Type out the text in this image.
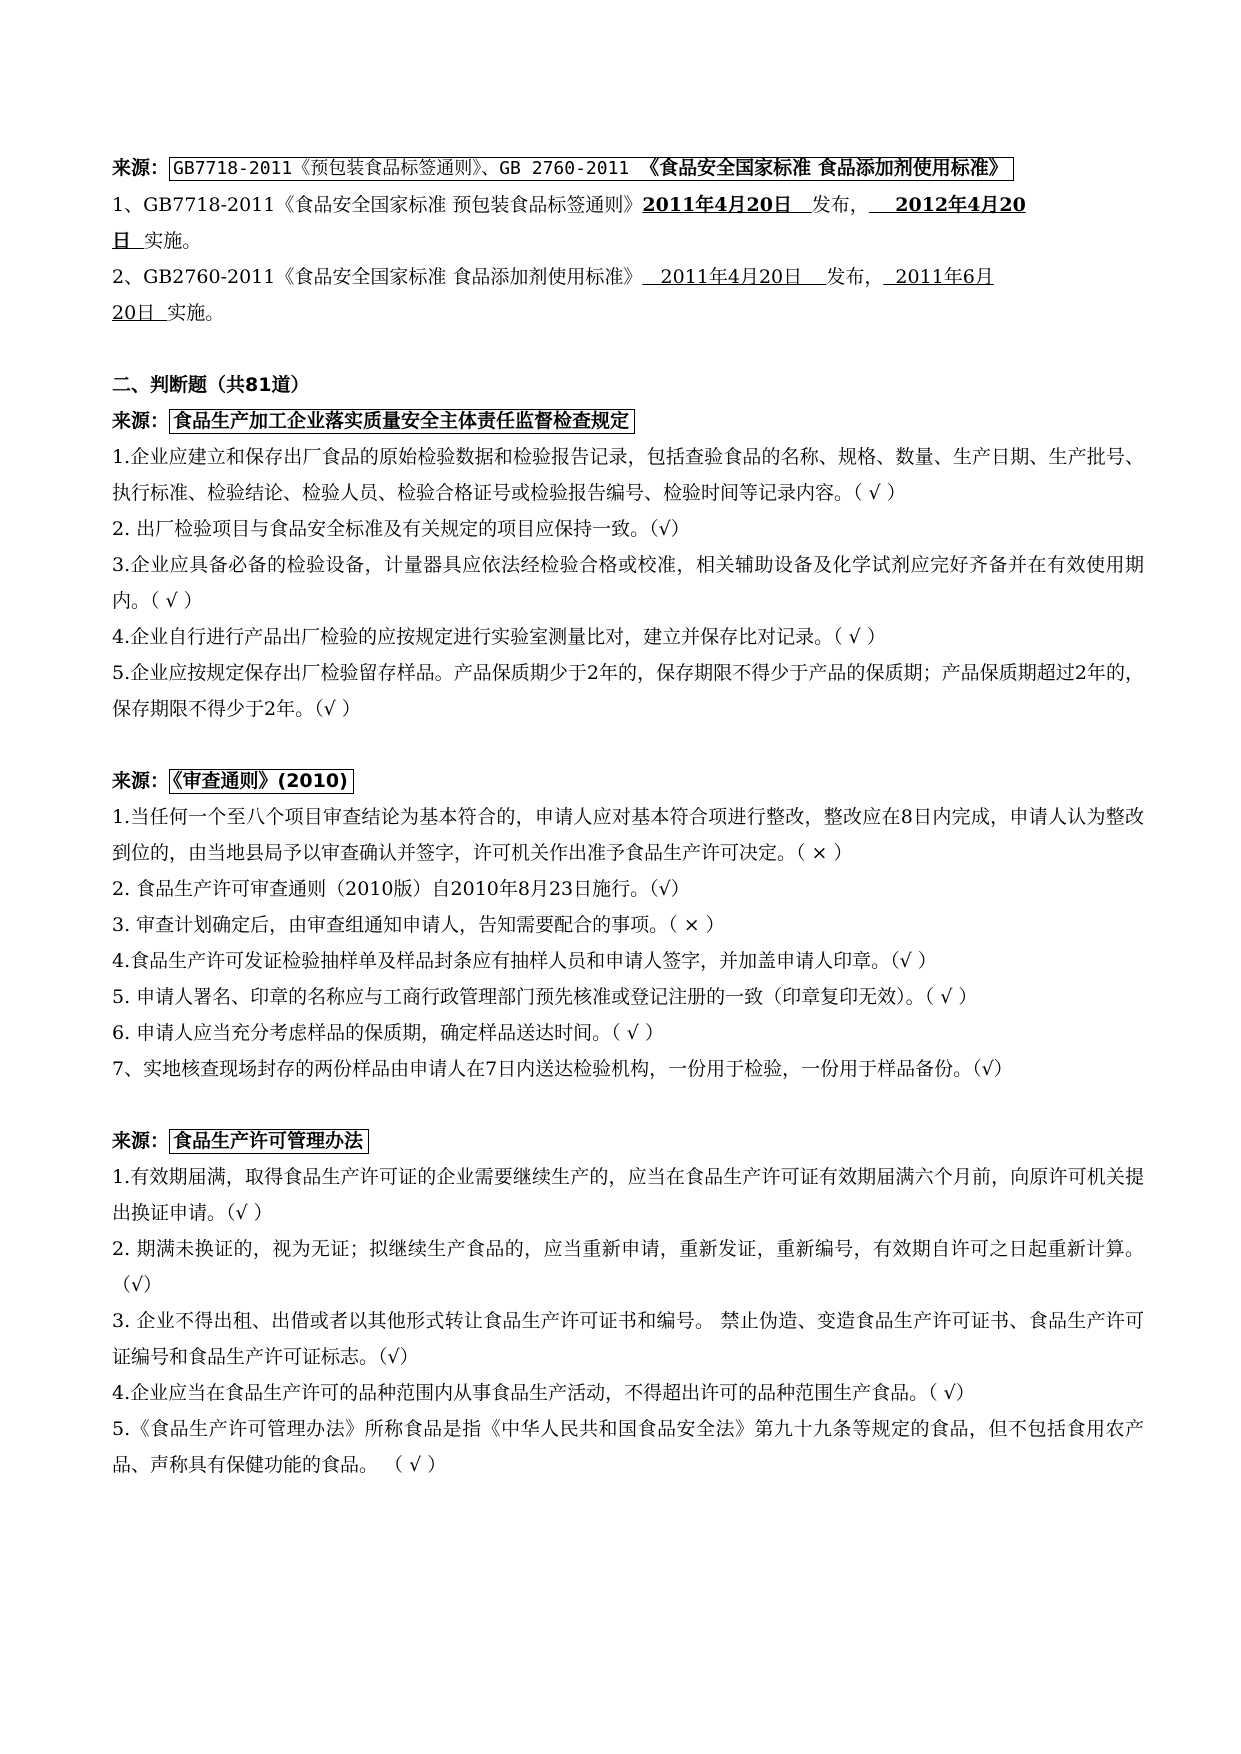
来源： GB7718-2011《预包装食品标签通则》、GB 2760-2011 《食品安全国家标准 食品添加剂使用标准》
1、GB7718-2011《食品安全国家标准 预包装食品标签通则》2011年4月20日   发布，    2012年4月20
日  实施。
2、GB2760-2011《食品安全国家标准 食品添加剂使用标准》   2011年4月20日    发布，  2011年6月
20日  实施。
二、判断题（共81道）
来源： 食品生产加工企业落实质量安全主体责任监督检查规定
1.企业应建立和保存出厂食品的原始检验数据和检验报告记录，包括查验食品的名称、规格、数量、生产日期、生产批号、执行标准、检验结论、检验人员、检验合格证号或检验报告编号、检验时间等记录内容。（ √ ）
2. 出厂检验项目与食品安全标准及有关规定的项目应保持一致。（√）
3.企业应具备必备的检验设备，计量器具应依法经检验合格或校准，相关辅助设备及化学试剂应完好齐备并在有效使用期内。（ √ ）
4.企业自行进行产品出厂检验的应按规定进行实验室测量比对，建立并保存比对记录。（ √ ）
5.企业应按规定保存出厂检验留存样品。产品保质期少于2年的，保存期限不得少于产品的保质期；产品保质期超过2年的，保存期限不得少于2年。（√ ）
来源： 《审查通则》(2010)
1.当任何一个至八个项目审查结论为基本符合的，申请人应对基本符合项进行整改，整改应在8日内完成，申请人认为整改到位的，由当地县局予以审查确认并签字，许可机关作出准予食品生产许可决定。（ × ）
2. 食品生产许可审查通则（2010版）自2010年8月23日施行。（√）
3. 审查计划确定后，由审查组通知申请人，告知需要配合的事项。（ × ）
4.食品生产许可发证检验抽样单及样品封条应有抽样人员和申请人签字，并加盖申请人印章。（√ ）
5. 申请人署名、印章的名称应与工商行政管理部门预先核准或登记注册的一致（印章复印无效）。（ √ ）
6. 申请人应当充分考虑样品的保质期，确定样品送达时间。（ √ ）
7、实地核查现场封存的两份样品由申请人在7日内送达检验机构，一份用于检验，一份用于样品备份。（√）
来源： 食品生产许可管理办法
1.有效期届满，取得食品生产许可证的企业需要继续生产的，应当在食品生产许可证有效期届满六个月前，向原许可机关提出换证申请。（√ ）
2. 期满未换证的，视为无证；拟继续生产食品的，应当重新申请，重新发证，重新编号，有效期自许可之日起重新计算。（√）
3. 企业不得出租、出借或者以其他形式转让食品生产许可证书和编号。 禁止伪造、变造食品生产许可证书、食品生产许可证编号和食品生产许可证标志。（√）
4.企业应当在食品生产许可的品种范围内从事食品生产活动，不得超出许可的品种范围生产食品。（ √）
5.《食品生产许可管理办法》所称食品是指《中华人民共和国食品安全法》第九十九条等规定的食品，但不包括食用农产品、声称具有保健功能的食品。 （ √ ）
